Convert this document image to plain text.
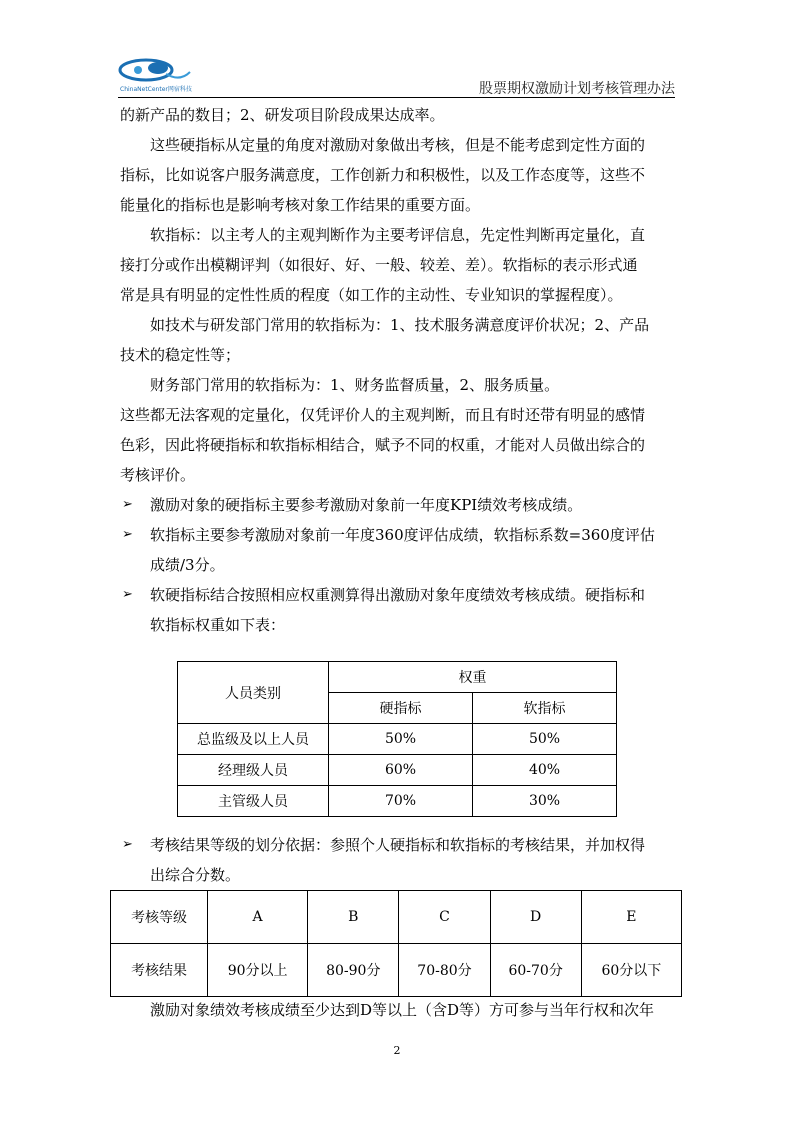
ChinaNetCenter网宿科技	股票期权激励计划考核管理办法
的新产品的数目；2、研发项目阶段成果达成率。
这些硬指标从定量的角度对激励对象做出考核，但是不能考虑到定性方面的
指标，比如说客户服务满意度，工作创新力和积极性，以及工作态度等，这些不
能量化的指标也是影响考核对象工作结果的重要方面。
软指标：以主考人的主观判断作为主要考评信息，先定性判断再定量化，直
接打分或作出模糊评判（如很好、好、一般、较差、差）。软指标的表示形式通
常是具有明显的定性性质的程度（如工作的主动性、专业知识的掌握程度）。
如技术与研发部门常用的软指标为：1、技术服务满意度评价状况；2、产品
技术的稳定性等；
财务部门常用的软指标为：1、财务监督质量，2、服务质量。
这些都无法客观的定量化，仅凭评价人的主观判断，而且有时还带有明显的感情
色彩，因此将硬指标和软指标相结合，赋予不同的权重，才能对人员做出综合的
考核评价。
➢ 激励对象的硬指标主要参考激励对象前一年度KPI绩效考核成绩。
➢ 软指标主要参考激励对象前一年度360度评估成绩，软指标系数=360度评估
成绩/3分。
➢ 软硬指标结合按照相应权重测算得出激励对象年度绩效考核成绩。硬指标和
软指标权重如下表：
人员类别	权重	
	硬指标	软指标
总监级及以上人员	50%	50%
经理级人员	60%	40%
主管级人员	70%	30%
➢ 考核结果等级的划分依据：参照个人硬指标和软指标的考核结果，并加权得
出综合分数。
考核等级	A	B	C	D	E
考核结果	90分以上	80-90分	70-80分	60-70分	60分以下
激励对象绩效考核成绩至少达到D等以上（含D等）方可参与当年行权和次年
2
